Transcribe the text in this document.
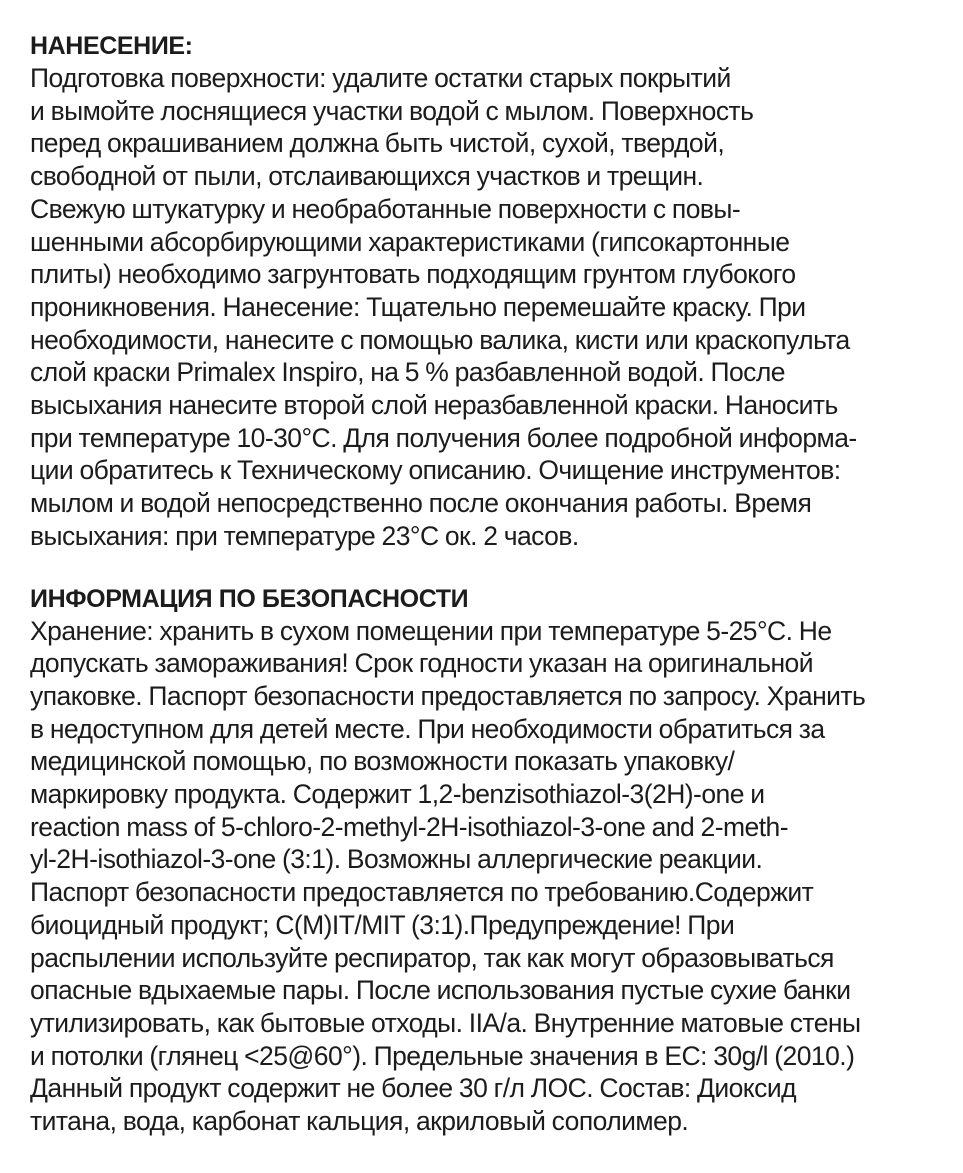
НАНЕСЕНИЕ:
Подготовка поверхности: удалите остатки старых покрытий
и вымойте лоснящиеся участки водой с мылом. Поверхность
перед окрашиванием должна быть чистой, сухой, твердой,
свободной от пыли, отслаивающихся участков и трещин.
Свежую штукатурку и необработанные поверхности с повы-
шенными абсорбирующими характеристиками (гипсокартонные
плиты) необходимо загрунтовать подходящим грунтом глубокого
проникновения. Нанесение: Тщательно перемешайте краску. При
необходимости, нанесите с помощью валика, кисти или краскопульта
слой краски Primalex Inspiro, на 5 % разбавленной водой. После
высыхания нанесите второй слой неразбавленной краски. Наносить
при температуре 10-30°C. Для получения более подробной информа-
ции обратитесь к Техническому описанию. Очищение инструментов:
мылом и водой непосредственно после окончания работы. Время
высыхания: при температуре 23°C ок. 2 часов.
ИНФОРМАЦИЯ ПО БЕЗОПАСНОСТИ
Хранение: хранить в сухом помещении при температуре 5-25°C. Не
допускать замораживания! Срок годности указан на оригинальной
упаковке. Паспорт безопасности предоставляется по запросу. Хранить
в недоступном для детей месте. При необходимости обратиться за
медицинской помощью, по возможности показать упаковку/
маркировку продукта. Содержит 1,2-benzisothiazol-3(2H)-one и
reaction mass of 5-chloro-2-methyl-2H-isothiazol-3-one and 2-meth-
yl-2H-isothiazol-3-one (3:1). Возможны аллергические реакции.
Паспорт безопасности предоставляется по требованию.Содержит
биоцидный продукт; C(M)IT/MIT (3:1).Предупреждение! При
распылении используйте респиратор, так как могут образовываться
опасные вдыхаемые пары. После использования пустые сухие банки
утилизировать, как бытовые отходы. IIA/a. Внутренние матовые стены
и потолки (глянец <25@60°). Предельные значения в ЕС: 30g/l (2010.)
Данный продукт содержит не более 30 г/л ЛОС. Состав: Диоксид
титана, вода, карбонат кальция, акриловый сополимер.
